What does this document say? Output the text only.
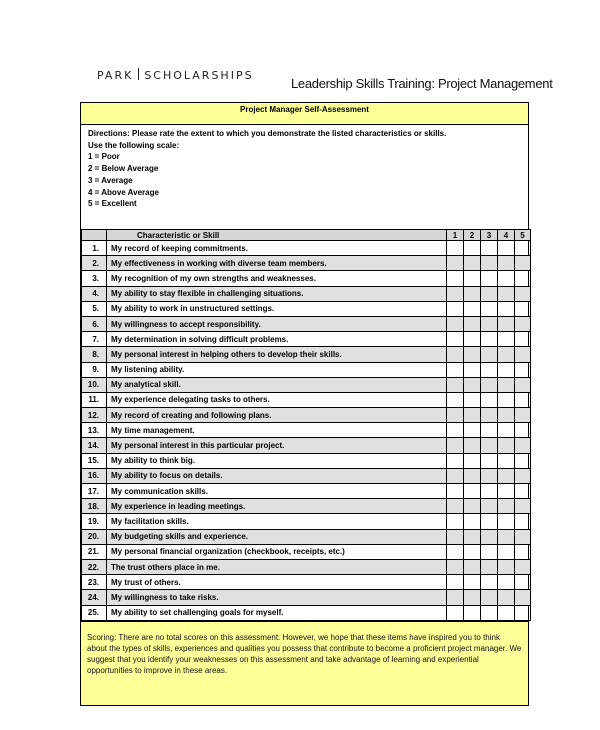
PARK SCHOLARSHIPS
Leadership Skills Training: Project Management
Project Manager Self-Assessment
Directions: Please rate the extent to which you demonstrate the listed characteristics or skills.
Use the following scale:
1 = Poor
2 = Below Average
3 = Average
4 = Above Average
5 = Excellent
	Characteristic or Skill	1	2	3	4	5
1.	My record of keeping commitments.					
2.	My effectiveness in working with diverse team members.					
3.	My recognition of my own strengths and weaknesses.					
4.	My ability to stay flexible in challenging situations.					
5.	My ability to work in unstructured settings.					
6.	My willingness to accept responsibility.					
7.	My determination in solving difficult problems.					
8.	My personal interest in helping others to develop their skills.					
9.	My listening ability.					
10.	My analytical skill.					
11.	My experience delegating tasks to others.					
12.	My record of creating and following plans.					
13.	My time management.					
14.	My personal interest in this particular project.					
15.	My ability to think big.					
16.	My ability to focus on details.					
17.	My communication skills.					
18.	My experience in leading meetings.					
19.	My facilitation skills.					
20.	My budgeting skills and experience.					
21.	My personal financial organization (checkbook, receipts, etc.)					
22.	The trust others place in me.					
23.	My trust of others.					
24.	My willingness to take risks.					
25.	My ability to set challenging goals for myself.					
Scoring: There are no total scores on this assessment. However, we hope that these items have inspired you to think about the types of skills, experiences and qualities you possess that contribute to become a proficient project manager. We suggest that you identify your weaknesses on this assessment and take advantage of learning and experiential opportunities to improve in these areas.
